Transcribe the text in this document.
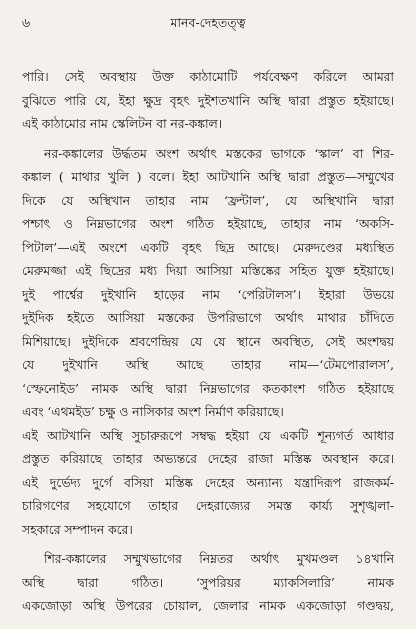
৬	মানব-দেহতত্ত্ব
পারি। সেই অবস্থায় উক্ত কাঠামোটি পর্যবেক্ষণ করিলে আমরা
বুঝিতে পারি যে, ইহা ক্ষুদ্র বৃহৎ দুইশতখানি অস্থি দ্বারা প্রস্তুত হইয়াছে।
এই কাঠামোর নাম স্কেলিটন বা নর-কঙ্কাল।
নর-কঙ্কালের উর্দ্ধতম অংশ অর্থাৎ মস্তকের ভাগকে ‘স্কাল’ বা শির-
কঙ্কাল ( মাথার খুলি ) বলে। ইহা আটখানি অস্থি দ্বারা প্রস্তুত—সম্মুখের
দিকে যে অস্থিখান তাহার নাম ‘ফ্রন্টাল’, যে অস্থিখানি দ্বারা
পশ্চাৎ ও নিম্নভাগের অংশ গঠিত হইয়াছে, তাহার নাম ‘অকসি-
পিটাল’—এই অংশে একটি বৃহৎ ছিদ্র আছে। মেরুদণ্ডের মধ্যস্থিত
মেরুমজ্জা এই ছিদ্রের মধ্য দিয়া আসিয়া মস্তিষ্কের সহিত যুক্ত হইয়াছে।
দুই পার্শ্বের দুইখানি হাড়ের নাম ‘পেরিটালস’। ইহারা উভয়ে
দুইদিক হইতে আসিয়া মস্তকের উপরিভাগে অর্থাৎ মাথার চাঁদিতে
মিশিয়াছে। দুইদিকে শ্রবণেন্দ্রিয় যে যে স্থানে অবস্থিত, সেই অংশদ্বয়
যে দুইখানি অস্থি আছে তাহার নাম—‘টেমপোরালস’,
‘স্ফেনোইড’ নামক অস্থি দ্বারা নিম্নভাগের কতকাংশ গঠিত হইয়াছে
এবং ‘এথমইড’ চক্ষু ও নাসিকার অংশ নির্মাণ করিয়াছে।
এই আটখানি অস্থি সুচারুরূপে সম্বদ্ধ হইয়া যে একটি শূন্যগর্ত আধার
প্রস্তুত করিয়াছে তাহার অভ্যন্তরে দেহের রাজা মস্তিষ্ক অবস্থান করে।
এই দুর্ভেদ্য দুর্গে বসিয়া মস্তিষ্ক দেহের অন্যান্য যন্ত্রাদিরূপ রাজকর্ম-
চারিগণের সহযোগে তাহার দেহরাজ্যের সমস্ত কার্য্য সুশৃঙ্খলা-
সহকারে সম্পাদন করে।
শির-কঙ্কালের সম্মুখভাগের নিম্নতর অর্থাৎ মুখমণ্ডল ১৪খানি
অস্থি দ্বারা গঠিত। ‘সুপরিয়র ম্যাকসিলারি’ নামক
একজোড়া অস্থি উপরের চোয়াল, জেলার নামক একজোড়া গণ্ডদ্বয়,
